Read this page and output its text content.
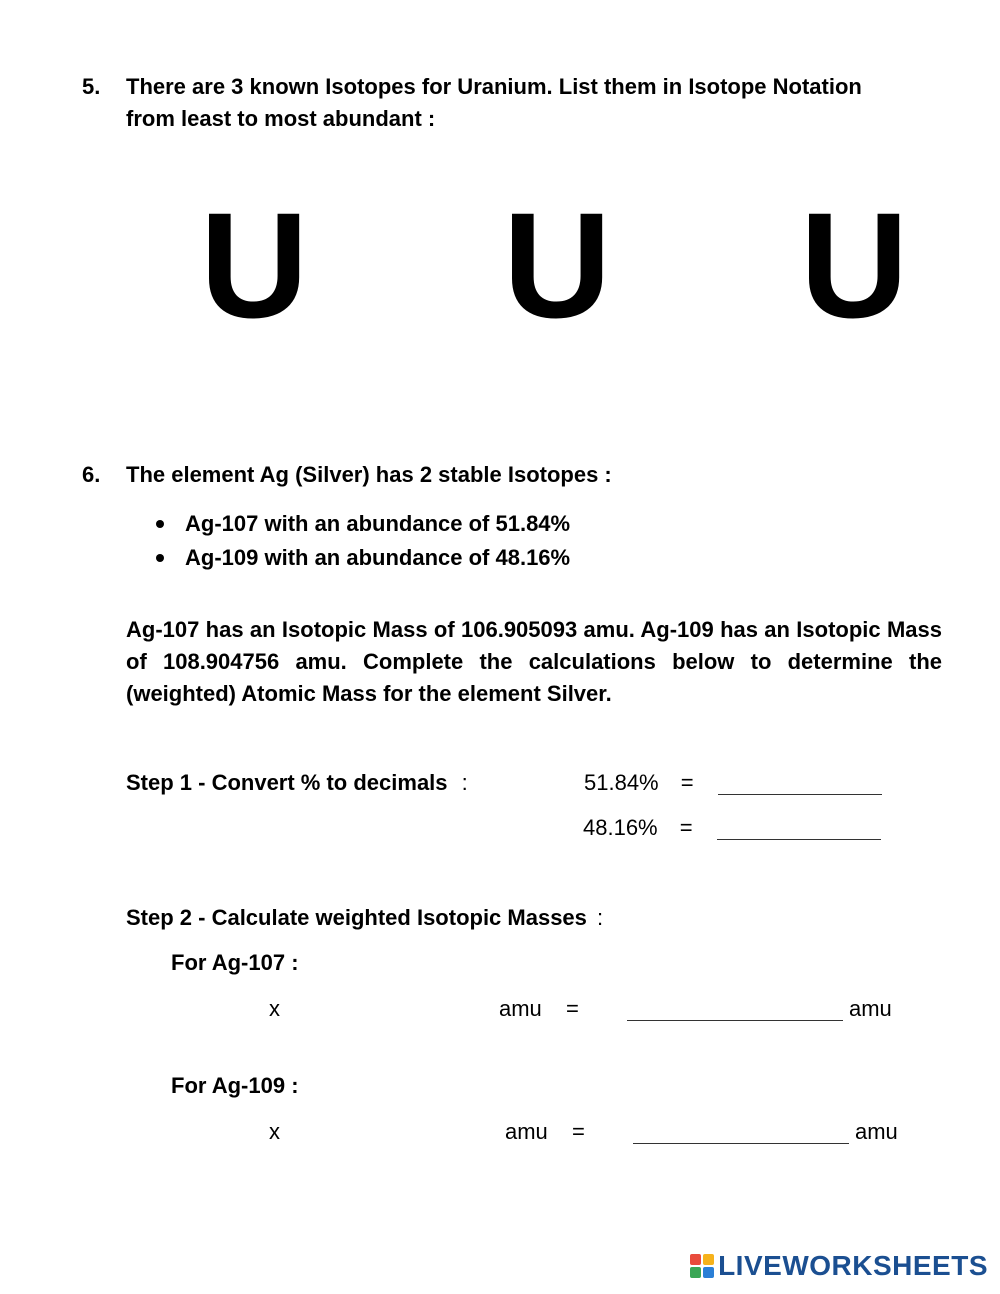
5. There are 3 known Isotopes for Uranium. List them in Isotope Notation
from least to most abundant :
U U U
6. The element Ag (Silver) has 2 stable Isotopes :
Ag-107 with an abundance of 51.84%
Ag-109 with an abundance of 48.16%
Ag-107 has an Isotopic Mass of 106.905093 amu. Ag-109 has an Isotopic Mass of 108.904756 amu. Complete the calculations below to determine the (weighted) Atomic Mass for the element Silver.
Step 1 - Convert % to decimals :	51.84% =
48.16% =
Step 2 - Calculate weighted Isotopic Masses :
For Ag-107 :
x	amu =	amu
For Ag-109 :
x	amu =	amu
LIVEWORKSHEETS
